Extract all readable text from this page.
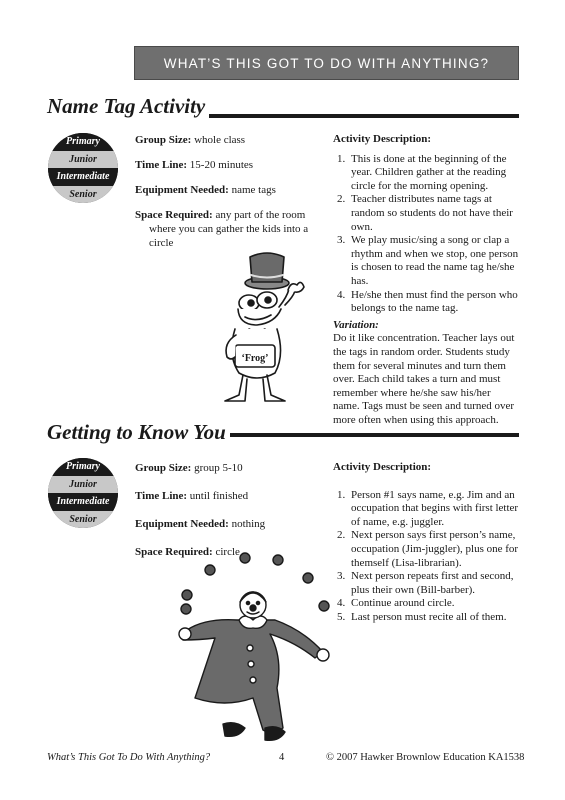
WHAT’S THIS GOT TO DO WITH ANYTHING?
Name Tag Activity
Primary
Junior
Intermediate
Senior

Group Size: whole class

Time Line: 15-20 minutes

Equipment Needed: name tags

Space Required: any part of the room where you can gather the kids into a circle

Activity Description:

1. This is done at the beginning of the year. Children gather at the reading circle for the morning opening.
2. Teacher distributes name tags at random so students do not have their own.
3. We play music/sing a song or clap a rhythm and when we stop, one person is chosen to read the name tag he/she has.
4. He/she then must find the person who belongs to the name tag.

Variation:

Do it like concentration. Teacher lays out the tags in random order. Students study them for several minutes and turn them over. Each child takes a turn and must remember where he/she saw his/her name. Tags must be seen and turned over more often when using this approach.

‘Frog’
Getting to Know You
Primary
Junior
Intermediate
Senior

Group Size: group 5-10

Time Line: until finished

Equipment Needed: nothing

Space Required: circle

Activity Description:

1. Person #1 says name, e.g. Jim and an occupation that begins with first letter of name, e.g. juggler.
2. Next person says first person’s name, occupation (Jim-juggler), plus one for themself (Lisa-librarian).
3. Next person repeats first and second, plus their own (Bill-barber).
4. Continue around circle.
5. Last person must recite all of them.
What’s This Got To Do With Anything?	4	© 2007 Hawker Brownlow Education KA1538
